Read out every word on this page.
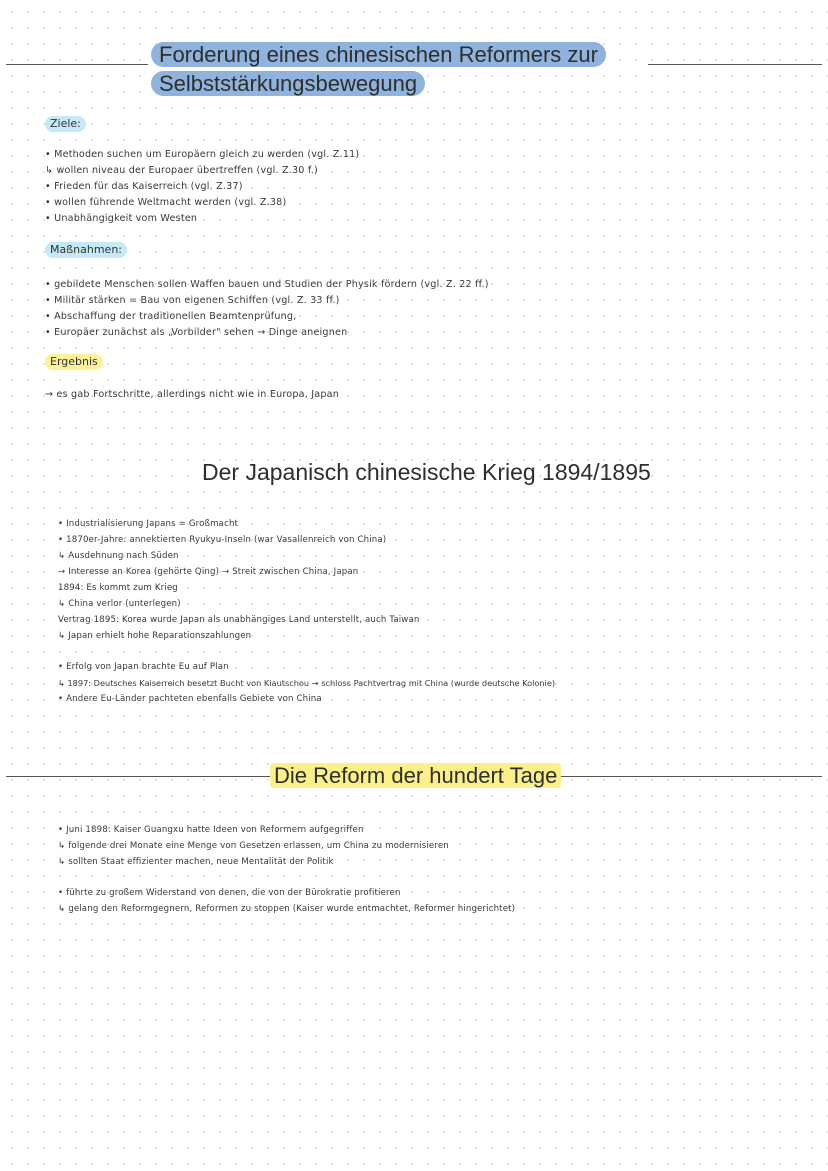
Forderung eines chinesischen Reformers zur
Selbststärkungsbewegung
Ziele:
• Methoden suchen um Europäern gleich zu werden (vgl. Z.11)
↳ wollen niveau der Europaer übertreffen (vgl. Z.30 f.)
• Frieden für das Kaiserreich (vgl. Z.37)
• wollen führende Weltmacht werden (vgl. Z.38)
• Unabhängigkeit vom Westen
Maßnahmen:
• gebildete Menschen sollen Waffen bauen und Studien der Physik fördern (vgl. Z. 22 ff.)
• Militär stärken = Bau von eigenen Schiffen (vgl. Z. 33 ff.)
• Abschaffung der traditionellen Beamtenprüfung,
• Europäer zunächst als „Vorbilder" sehen → Dinge aneignen
Ergebnis
→ es gab Fortschritte, allerdings nicht wie in Europa, Japan
Der Japanisch chinesische Krieg 1894/1895
• Industrialisierung Japans = Großmacht
• 1870er-Jahre: annektierten Ryukyu-Inseln (war Vasallenreich von China)
↳ Ausdehnung nach Süden
→ Interesse an Korea (gehörte Qing) → Streit zwischen China, Japan
1894: Es kommt zum Krieg
↳ China verlor (unterlegen)
Vertrag 1895: Korea wurde Japan als unabhängiges Land unterstellt, auch Taiwan
↳ Japan erhielt hohe Reparationszahlungen
• Erfolg von Japan brachte Eu auf Plan
↳ 1897: Deutsches Kaiserreich besetzt Bucht von Kiautschou → schloss Pachtvertrag mit China (wurde deutsche Kolonie)
• Andere Eu-Länder pachteten ebenfalls Gebiete von China
Die Reform der hundert Tage
• Juni 1898: Kaiser Guangxu hatte Ideen von Reformern aufgegriffen
↳ folgende drei Monate eine Menge von Gesetzen erlassen, um China zu modernisieren
↳ sollten Staat effizienter machen, neue Mentalität der Politik
• führte zu großem Widerstand von denen, die von der Bürokratie profitieren
↳ gelang den Reformgegnern, Reformen zu stoppen (Kaiser wurde entmachtet, Reformer hingerichtet)
